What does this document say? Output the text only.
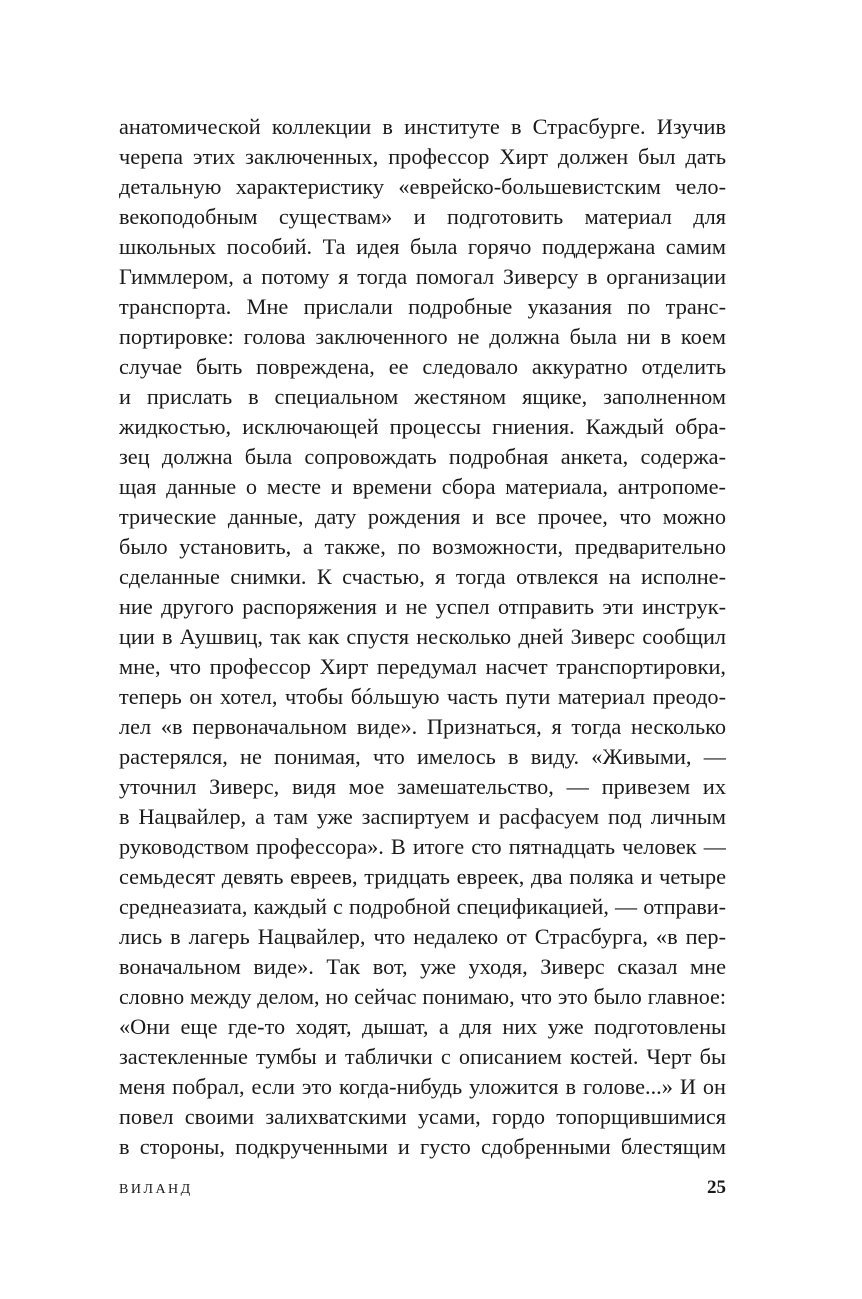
анатомической коллекции в институте в Страсбурге. Изучив
черепа этих заключенных, профессор Хирт должен был дать
детальную характеристику «еврейско-большевистским чело-
векоподобным существам» и подготовить материал для
школьных пособий. Та идея была горячо поддержана самим
Гиммлером, а потому я тогда помогал Зиверсу в организации
транспорта. Мне прислали подробные указания по транс-
портировке: голова заключенного не должна была ни в коем
случае быть повреждена, ее следовало аккуратно отделить
и прислать в специальном жестяном ящике, заполненном
жидкостью, исключающей процессы гниения. Каждый обра-
зец должна была сопровождать подробная анкета, содержа-
щая данные о месте и времени сбора материала, антропоме-
трические данные, дату рождения и все прочее, что можно
было установить, а также, по возможности, предварительно
сделанные снимки. К счастью, я тогда отвлекся на исполне-
ние другого распоряжения и не успел отправить эти инструк-
ции в Аушвиц, так как спустя несколько дней Зиверс сообщил
мне, что профессор Хирт передумал насчет транспортировки,
теперь он хотел, чтобы бóльшую часть пути материал преодо-
лел «в первоначальном виде». Признаться, я тогда несколько
растерялся, не понимая, что имелось в виду. «Живыми, —
уточнил Зиверс, видя мое замешательство, — привезем их
в Нацвайлер, а там уже заспиртуем и расфасуем под личным
руководством профессора». В итоге сто пятнадцать человек —
семьдесят девять евреев, тридцать евреек, два поляка и четыре
среднеазиата, каждый с подробной спецификацией, — отправи-
лись в лагерь Нацвайлер, что недалеко от Страсбурга, «в пер-
воначальном виде». Так вот, уже уходя, Зиверс сказал мне
словно между делом, но сейчас понимаю, что это было главное:
«Они еще где-то ходят, дышат, а для них уже подготовлены
застекленные тумбы и таблички с описанием костей. Черт бы
меня побрал, если это когда-нибудь уложится в голове...» И он
повел своими залихватскими усами, гордо топорщившимися
в стороны, подкрученными и густо сдобренными блестящим
ВИЛАНД	25
